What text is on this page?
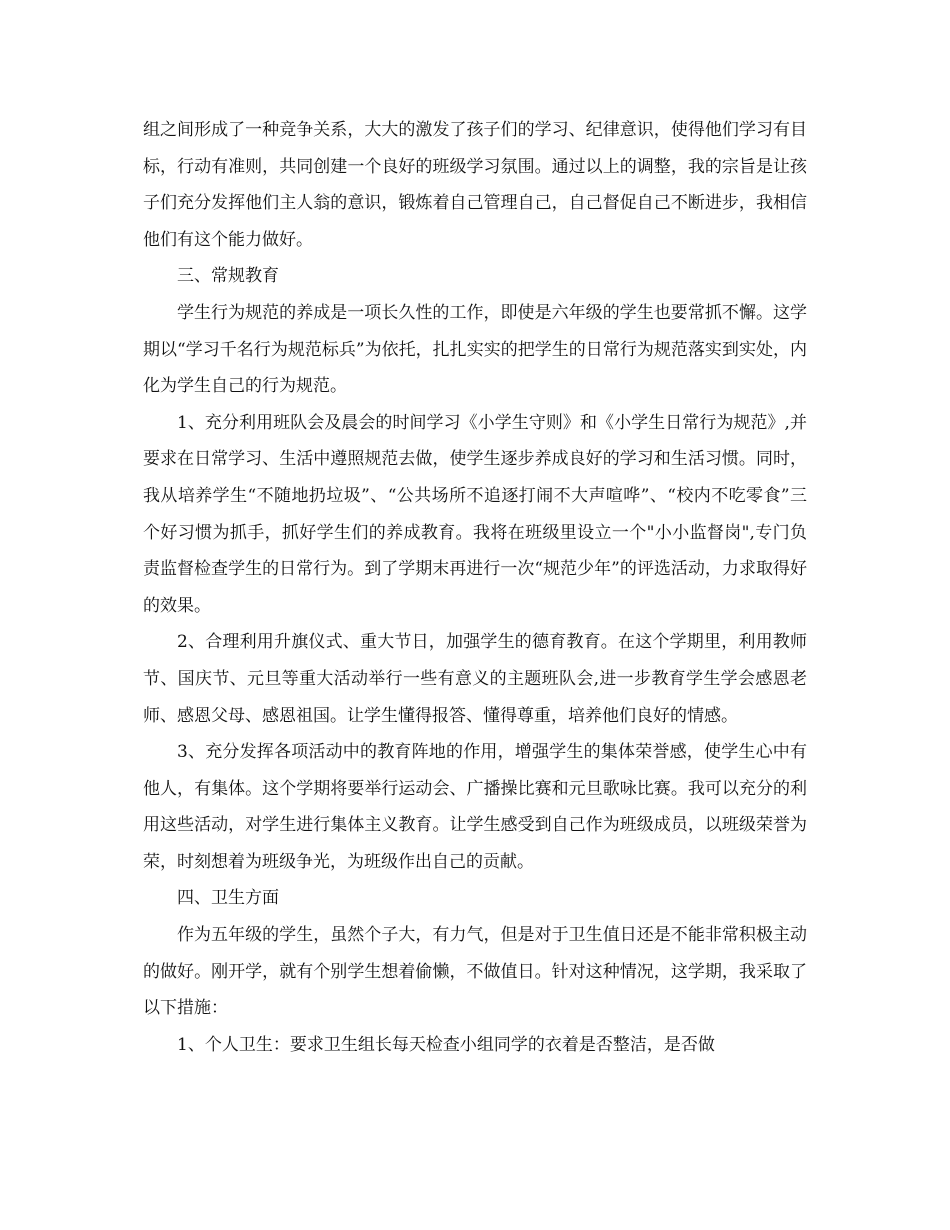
组之间形成了一种竞争关系，大大的激发了孩子们的学习、纪律意识，使得他们学习有目标，行动有准则，共同创建一个良好的班级学习氛围。通过以上的调整，我的宗旨是让孩子们充分发挥他们主人翁的意识，锻炼着自己管理自己，自己督促自己不断进步，我相信他们有这个能力做好。

三、常规教育

学生行为规范的养成是一项长久性的工作，即使是六年级的学生也要常抓不懈。这学期以“学习千名行为规范标兵”为依托，扎扎实实的把学生的日常行为规范落实到实处，内化为学生自己的行为规范。

1、充分利用班队会及晨会的时间学习《小学生守则》和《小学生日常行为规范》,并要求在日常学习、生活中遵照规范去做，使学生逐步养成良好的学习和生活习惯。同时，我从培养学生“不随地扔垃圾”、“公共场所不追逐打闹不大声喧哗”、“校内不吃零食”三个好习惯为抓手，抓好学生们的养成教育。我将在班级里设立一个"小小监督岗",专门负责监督检查学生的日常行为。到了学期末再进行一次“规范少年”的评选活动，力求取得好的效果。

2、合理利用升旗仪式、重大节日，加强学生的德育教育。在这个学期里，利用教师节、国庆节、元旦等重大活动举行一些有意义的主题班队会,进一步教育学生学会感恩老师、感恩父母、感恩祖国。让学生懂得报答、懂得尊重，培养他们良好的情感。

3、充分发挥各项活动中的教育阵地的作用，增强学生的集体荣誉感，使学生心中有他人，有集体。这个学期将要举行运动会、广播操比赛和元旦歌咏比赛。我可以充分的利用这些活动，对学生进行集体主义教育。让学生感受到自己作为班级成员，以班级荣誉为荣，时刻想着为班级争光，为班级作出自己的贡献。

四、卫生方面

作为五年级的学生，虽然个子大，有力气，但是对于卫生值日还是不能非常积极主动的做好。刚开学，就有个别学生想着偷懒，不做值日。针对这种情况，这学期，我采取了以下措施：

1、个人卫生：要求卫生组长每天检查小组同学的衣着是否整洁，是否做
